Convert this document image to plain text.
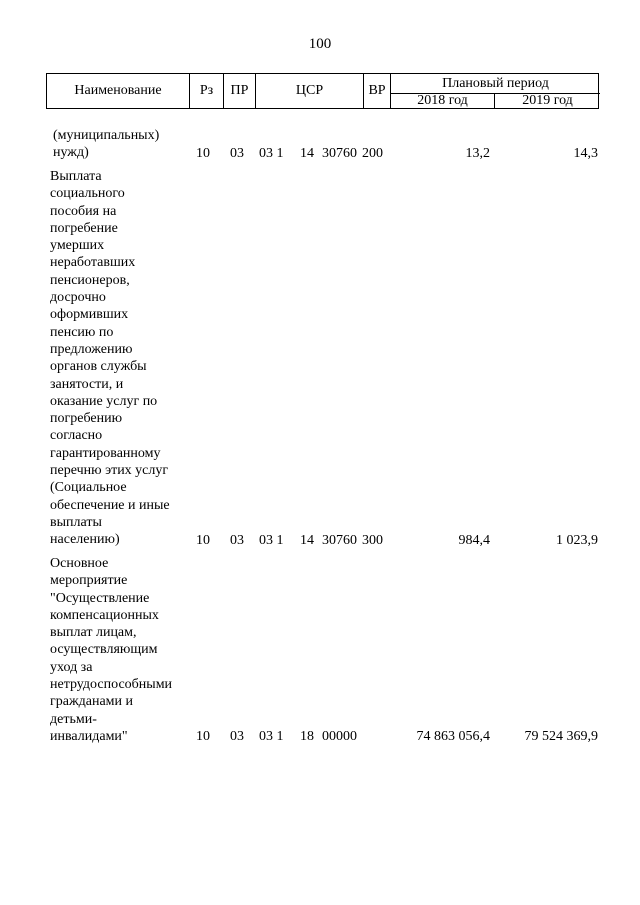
100
Наименование	Рз	ПР	ЦСР	ВР	Плановый период
2018 год	2019 год
(муниципальных)
нужд)	10 03 03 1 14 30760 200	13,2	14,3
Выплата
социального
пособия на
погребение
умерших
неработавших
пенсионеров,
досрочно
оформивших
пенсию по
предложению
органов службы
занятости, и
оказание услуг по
погребению
согласно
гарантированному
перечню этих услуг
(Социальное
обеспечение и иные
выплаты
населению)	10 03 03 1 14 30760 300	984,4	1 023,9
Основное
мероприятие
"Осуществление
компенсационных
выплат лицам,
осуществляющим
уход за
нетрудоспособными
гражданами и
детьми-
инвалидами"	10 03 03 1 18 00000	74 863 056,4	79 524 369,9
